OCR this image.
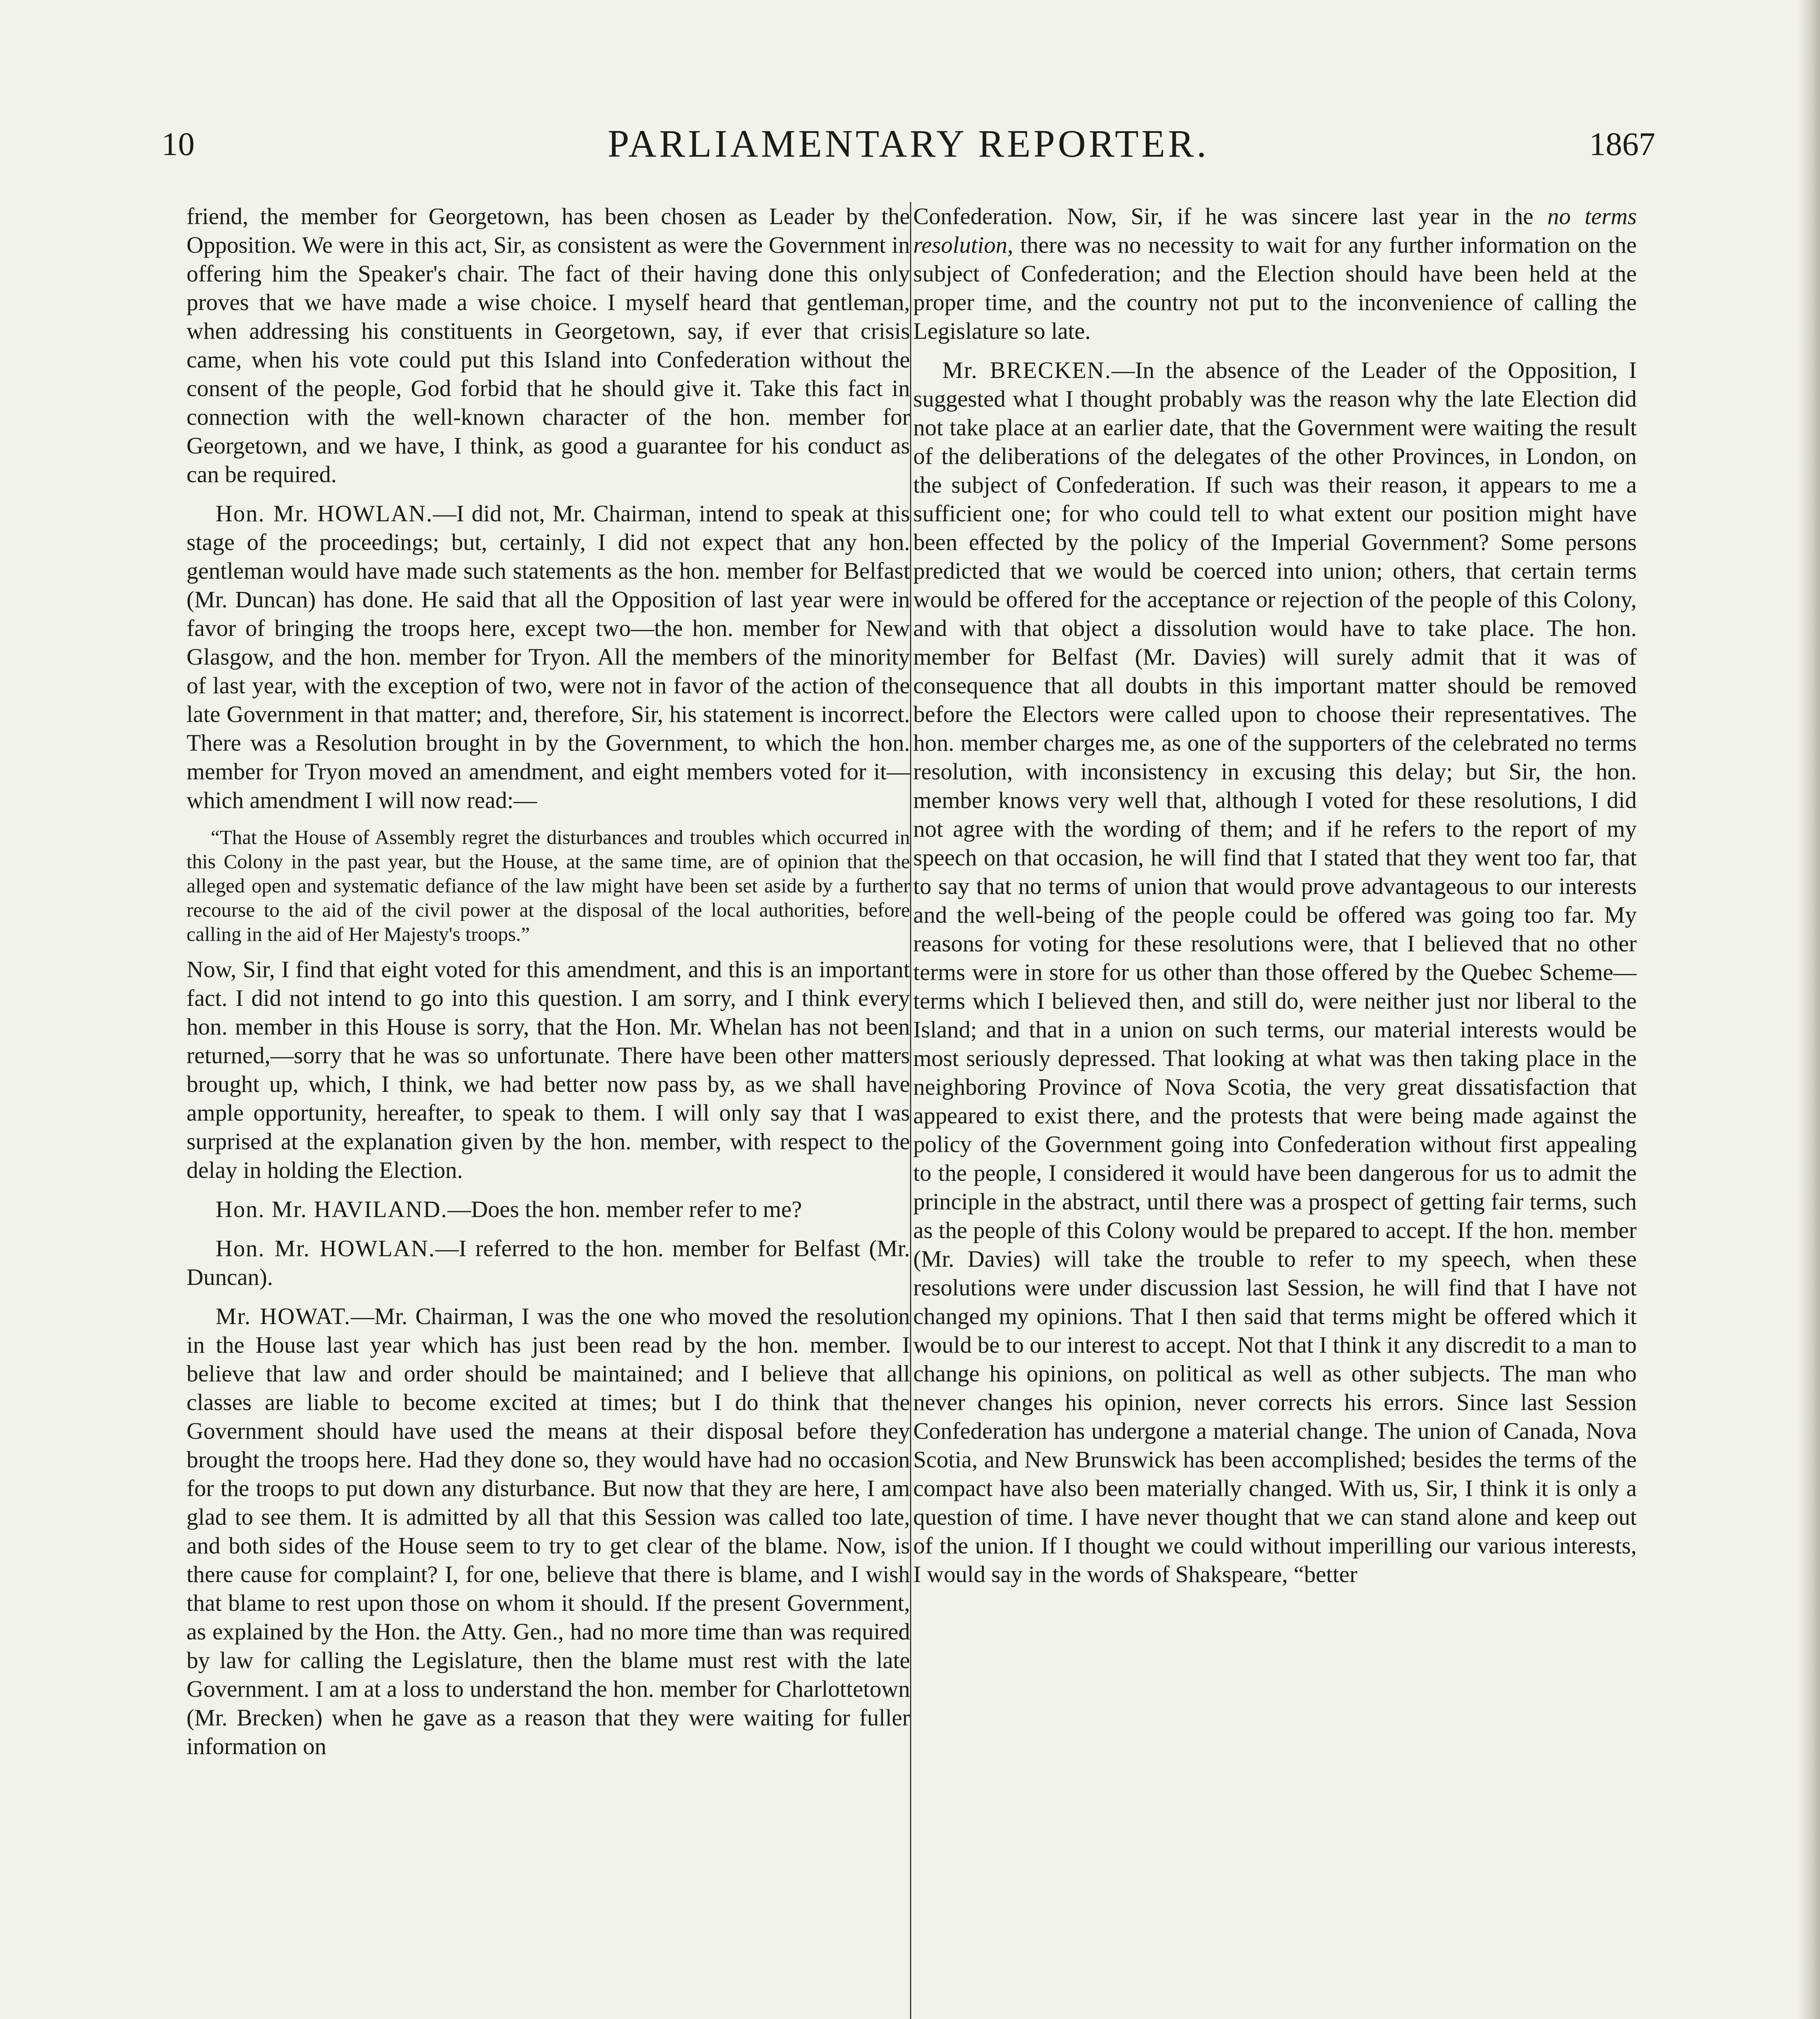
10	PARLIAMENTARY REPORTER.	1867

friend, the member for Georgetown, has been chosen as Leader by the Opposition. We were in this act, Sir, as consistent as were the Government in offering him the Speaker's chair. The fact of their having done this only proves that we have made a wise choice. I myself heard that gentleman, when addressing his constituents in Georgetown, say, if ever that crisis came, when his vote could put this Island into Confederation without the consent of the people, God forbid that he should give it. Take this fact in connection with the well-known character of the hon. member for Georgetown, and we have, I think, as good a guarantee for his conduct as can be required.

Hon. Mr. HOWLAN.—I did not, Mr. Chairman, intend to speak at this stage of the proceedings; but, certainly, I did not expect that any hon. gentleman would have made such statements as the hon. member for Belfast (Mr. Duncan) has done. He said that all the Opposition of last year were in favor of bringing the troops here, except two—the hon. member for New Glasgow, and the hon. member for Tryon. All the members of the minority of last year, with the exception of two, were not in favor of the action of the late Government in that matter; and, therefore, Sir, his statement is incorrect. There was a Resolution brought in by the Government, to which the hon. member for Tryon moved an amendment, and eight members voted for it—which amendment I will now read:—

“That the House of Assembly regret the disturbances and troubles which occurred in this Colony in the past year, but the House, at the same time, are of opinion that the alleged open and systematic defiance of the law might have been set aside by a further recourse to the aid of the civil power at the disposal of the local authorities, before calling in the aid of Her Majesty's troops.”

Now, Sir, I find that eight voted for this amendment, and this is an important fact. I did not intend to go into this question. I am sorry, and I think every hon. member in this House is sorry, that the Hon. Mr. Whelan has not been returned,—sorry that he was so unfortunate. There have been other matters brought up, which, I think, we had better now pass by, as we shall have ample opportunity, hereafter, to speak to them. I will only say that I was surprised at the explanation given by the hon. member, with respect to the delay in holding the Election.

Hon. Mr. HAVILAND.—Does the hon. member refer to me?

Hon. Mr. HOWLAN.—I referred to the hon. member for Belfast (Mr. Duncan).

Mr. HOWAT.—Mr. Chairman, I was the one who moved the resolution in the House last year which has just been read by the hon. member. I believe that law and order should be maintained; and I believe that all classes are liable to become excited at times; but I do think that the Government should have used the means at their disposal before they brought the troops here. Had they done so, they would have had no occasion for the troops to put down any disturbance. But now that they are here, I am glad to see them. It is admitted by all that this Session was called too late, and both sides of the House seem to try to get clear of the blame. Now, is there cause for complaint? I, for one, believe that there is blame, and I wish that blame to rest upon those on whom it should. If the present Government, as explained by the Hon. the Atty. Gen., had no more time than was required by law for calling the Legislature, then the blame must rest with the late Government. I am at a loss to understand the hon. member for Charlottetown (Mr. Brecken) when he gave as a reason that they were waiting for fuller information on

Confederation. Now, Sir, if he was sincere last year in the no terms resolution, there was no necessity to wait for any further information on the subject of Confederation; and the Election should have been held at the proper time, and the country not put to the inconvenience of calling the Legislature so late.

Mr. BRECKEN.—In the absence of the Leader of the Opposition, I suggested what I thought probably was the reason why the late Election did not take place at an earlier date, that the Government were waiting the result of the deliberations of the delegates of the other Provinces, in London, on the subject of Confederation. If such was their reason, it appears to me a sufficient one; for who could tell to what extent our position might have been effected by the policy of the Imperial Government? Some persons predicted that we would be coerced into union; others, that certain terms would be offered for the acceptance or rejection of the people of this Colony, and with that object a dissolution would have to take place. The hon. member for Belfast (Mr. Davies) will surely admit that it was of consequence that all doubts in this important matter should be removed before the Electors were called upon to choose their representatives. The hon. member charges me, as one of the supporters of the celebrated no terms resolution, with inconsistency in excusing this delay; but Sir, the hon. member knows very well that, although I voted for these resolutions, I did not agree with the wording of them; and if he refers to the report of my speech on that occasion, he will find that I stated that they went too far, that to say that no terms of union that would prove advantageous to our interests and the well-being of the people could be offered was going too far. My reasons for voting for these resolutions were, that I believed that no other terms were in store for us other than those offered by the Quebec Scheme—terms which I believed then, and still do, were neither just nor liberal to the Island; and that in a union on such terms, our material interests would be most seriously depressed. That looking at what was then taking place in the neighboring Province of Nova Scotia, the very great dissatisfaction that appeared to exist there, and the protests that were being made against the policy of the Government going into Confederation without first appealing to the people, I considered it would have been dangerous for us to admit the principle in the abstract, until there was a prospect of getting fair terms, such as the people of this Colony would be prepared to accept. If the hon. member (Mr. Davies) will take the trouble to refer to my speech, when these resolutions were under discussion last Session, he will find that I have not changed my opinions. That I then said that terms might be offered which it would be to our interest to accept. Not that I think it any discredit to a man to change his opinions, on political as well as other subjects. The man who never changes his opinion, never corrects his errors. Since last Session Confederation has undergone a material change. The union of Canada, Nova Scotia, and New Brunswick has been accomplished; besides the terms of the compact have also been materially changed. With us, Sir, I think it is only a question of time. I have never thought that we can stand alone and keep out of the union. If I thought we could without imperilling our various interests, I would say in the words of Shakspeare, “better
